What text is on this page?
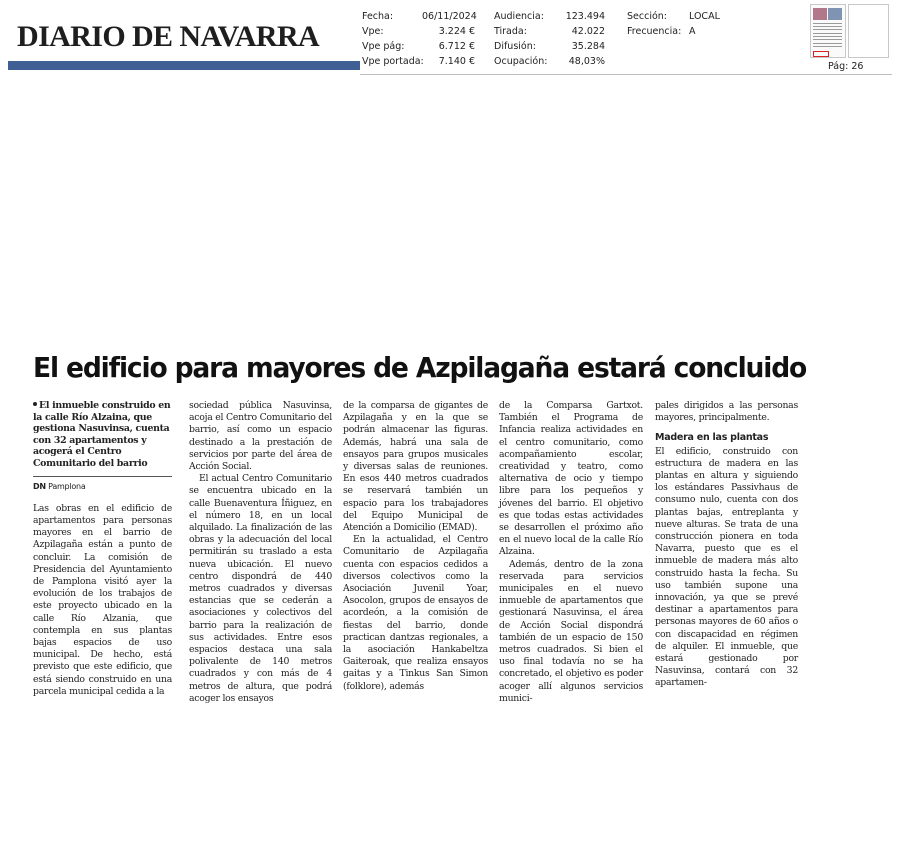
DIARIO DE NAVARRA
Fecha:	06/11/2024
Vpe:	3.224 €
Vpe pág:	6.712 €
Vpe portada: 7.140 €
Audiencia: 123.494
Tirada:	42.022
Difusión:	35.284
Ocupación: 48,03%
Sección: LOCAL
Frecuencia: A
Pág: 26
El edificio para mayores de Azpilagaña estará concluido
El inmueble construido en la calle Río Alzaina, que gestiona Nasuvinsa, cuenta con 32 apartamentos y acogerá el Centro Comunitario del barrio
DN Pamplona

Las obras en el edificio de apartamentos para personas mayores en el barrio de Azpilagaña están a punto de concluir. La comisión de Presidencia del Ayuntamiento de Pamplona visitó ayer la evolución de los trabajos de este proyecto ubicado en la calle Río Alzania, que contempla en sus plantas bajas espacios de uso municipal. De hecho, está previsto que este edificio, que está siendo construido en una parcela municipal cedida a la

sociedad pública Nasuvinsa, acoja el Centro Comunitario del barrio, así como un espacio destinado a la prestación de servicios por parte del área de Acción Social.

El actual Centro Comunitario se encuentra ubicado en la calle Buenaventura Íñiguez, en el número 18, en un local alquilado. La finalización de las obras y la adecuación del local permitirán su traslado a esta nueva ubicación. El nuevo centro dispondrá de 440 metros cuadrados y diversas estancias que se cederán a asociaciones y colectivos del barrio para la realización de sus actividades. Entre esos espacios destaca una sala polivalente de 140 metros cuadrados y con más de 4 metros de altura, que podrá acoger los ensayos

de la comparsa de gigantes de Azpilagaña y en la que se podrán almacenar las figuras. Además, habrá una sala de ensayos para grupos musicales y diversas salas de reuniones. En esos 440 metros cuadrados se reservará también un espacio para los trabajadores del Equipo Municipal de Atención a Domicilio (EMAD).

En la actualidad, el Centro Comunitario de Azpilagaña cuenta con espacios cedidos a diversos colectivos como la Asociación Juvenil Yoar, Asocolon, grupos de ensayos de acordeón, a la comisión de fiestas del barrio, donde practican dantzas regionales, a la asociación Hankabeltza Gaiteroak, que realiza ensayos gaitas y a Tinkus San Simon (folklore), además

de la Comparsa Gartxot. También el Programa de Infancia realiza actividades en el centro comunitario, como acompañamiento escolar, creatividad y teatro, como alternativa de ocio y tiempo libre para los pequeños y jóvenes del barrio. El objetivo es que todas estas actividades se desarrollen el próximo año en el nuevo local de la calle Río Alzaina.

Además, dentro de la zona reservada para servicios municipales en el nuevo inmueble de apartamentos que gestionará Nasuvinsa, el área de Acción Social dispondrá también de un espacio de 150 metros cuadrados. Si bien el uso final todavía no se ha concretado, el objetivo es poder acoger allí algunos servicios munici-

pales dirigidos a las personas mayores, principalmente.

Madera en las plantas

El edificio, construido con estructura de madera en las plantas en altura y siguiendo los estándares Passivhaus de consumo nulo, cuenta con dos plantas bajas, entreplanta y nueve alturas. Se trata de una construcción pionera en toda Navarra, puesto que es el inmueble de madera más alto construido hasta la fecha. Su uso también supone una innovación, ya que se prevé destinar a apartamentos para personas mayores de 60 años o con discapacidad en régimen de alquiler. El inmueble, que estará gestionado por Nasuvinsa, contará con 32 apartamen-
